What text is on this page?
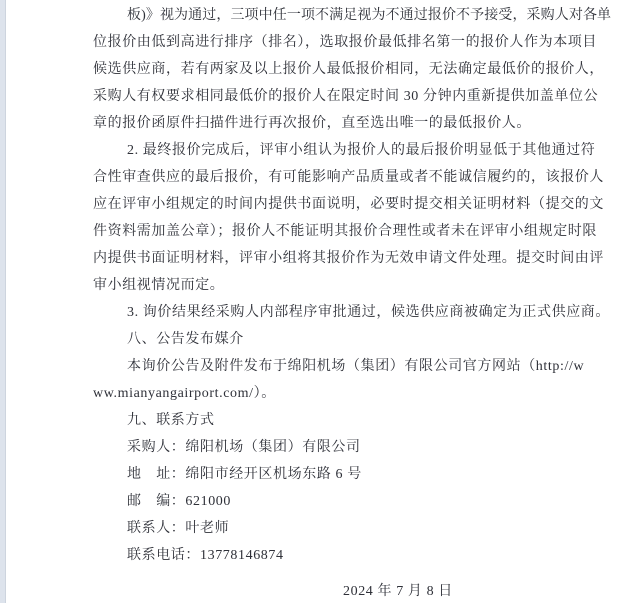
板)》视为通过，三项中任一项不满足视为不通过报价不予接受，采购人对各单
位报价由低到高进行排序（排名），选取报价最低排名第一的报价人作为本项目
候选供应商，若有两家及以上报价人最低报价相同，无法确定最低价的报价人，
采购人有权要求相同最低价的报价人在限定时间 30 分钟内重新提供加盖单位公
章的报价函原件扫描件进行再次报价，直至选出唯一的最低报价人。
2. 最终报价完成后，评审小组认为报价人的最后报价明显低于其他通过符
合性审查供应的最后报价，有可能影响产品质量或者不能诚信履约的，该报价人
应在评审小组规定的时间内提供书面说明，必要时提交相关证明材料（提交的文
件资料需加盖公章）；报价人不能证明其报价合理性或者未在评审小组规定时限
内提供书面证明材料，评审小组将其报价作为无效申请文件处理。提交时间由评
审小组视情况而定。
3. 询价结果经采购人内部程序审批通过，候选供应商被确定为正式供应商。
八、公告发布媒介
本询价公告及附件发布于绵阳机场（集团）有限公司官方网站（http://w
ww.mianyangairport.com/）。
九、联系方式
采购人：绵阳机场（集团）有限公司
地　址：绵阳市经开区机场东路 6 号
邮　编：621000
联系人：叶老师
联系电话：13778146874
2024 年 7 月 8 日
